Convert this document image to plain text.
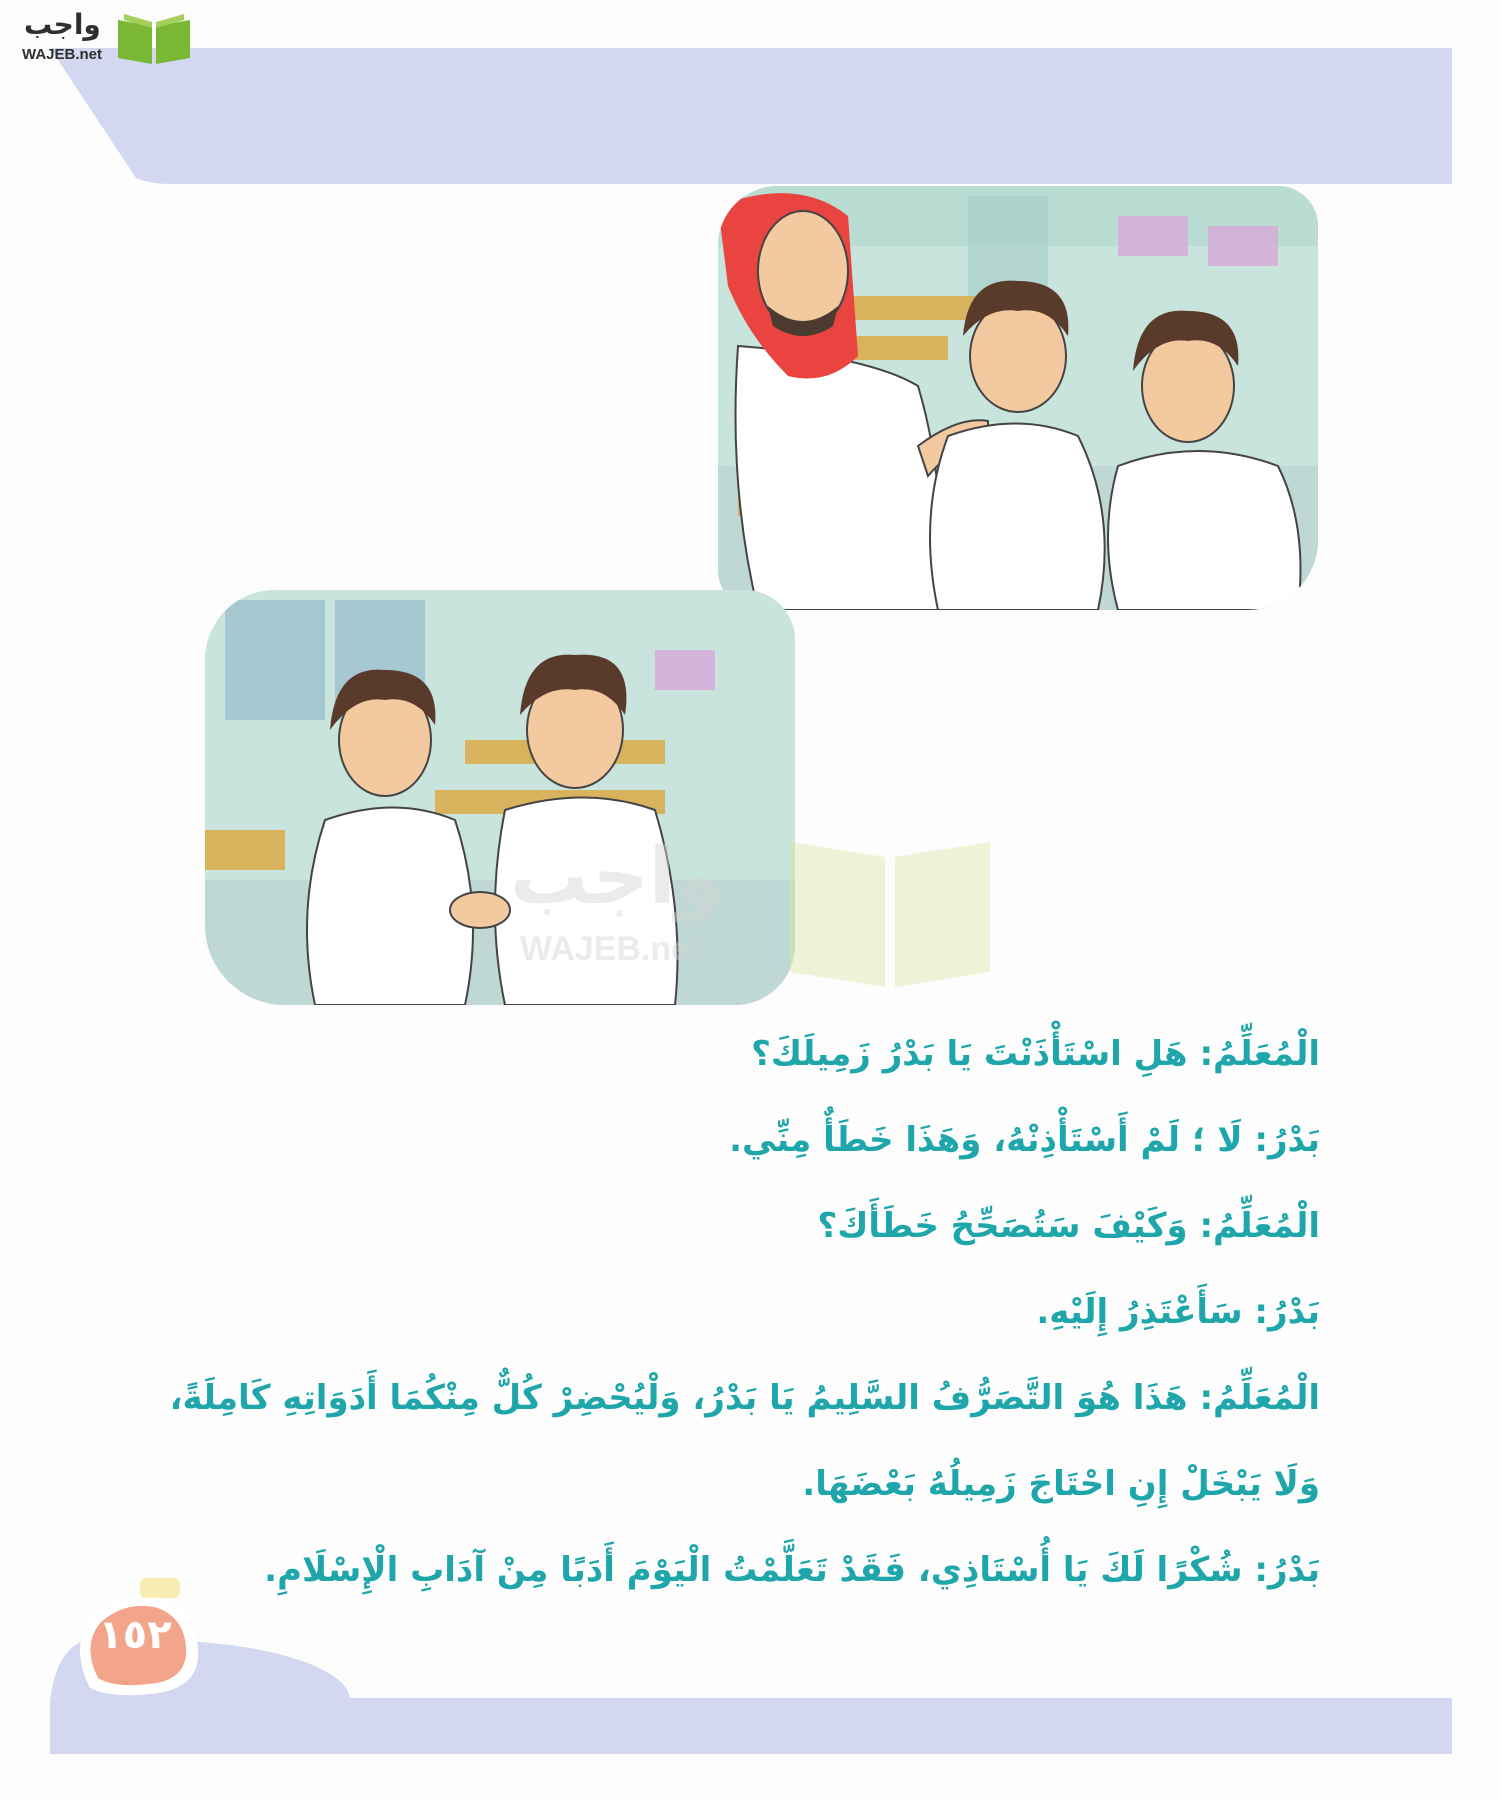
واجب
WAJEB.net
واجب
WAJEB.net
الْمُعَلِّمُ: هَلِ اسْتَأْذَنْتَ يَا بَدْرُ زَمِيلَكَ؟
بَدْرُ: لَا ؛ لَمْ أَسْتَأْذِنْهُ، وَهَذَا خَطَأٌ مِنِّي.
الْمُعَلِّمُ: وَكَيْفَ سَتُصَحِّحُ خَطَأَكَ؟
بَدْرُ: سَأَعْتَذِرُ إِلَيْهِ.
الْمُعَلِّمُ: هَذَا هُوَ التَّصَرُّفُ السَّلِيمُ يَا بَدْرُ، وَلْيُحْضِرْ كُلٌّ مِنْكُمَا أَدَوَاتِهِ كَامِلَةً،
وَلَا يَبْخَلْ إِنِ احْتَاجَ زَمِيلُهُ بَعْضَهَا.
بَدْرُ: شُكْرًا لَكَ يَا أُسْتَاذِي، فَقَدْ تَعَلَّمْتُ الْيَوْمَ أَدَبًا مِنْ آدَابِ الْإِسْلَامِ.
١٥٢
